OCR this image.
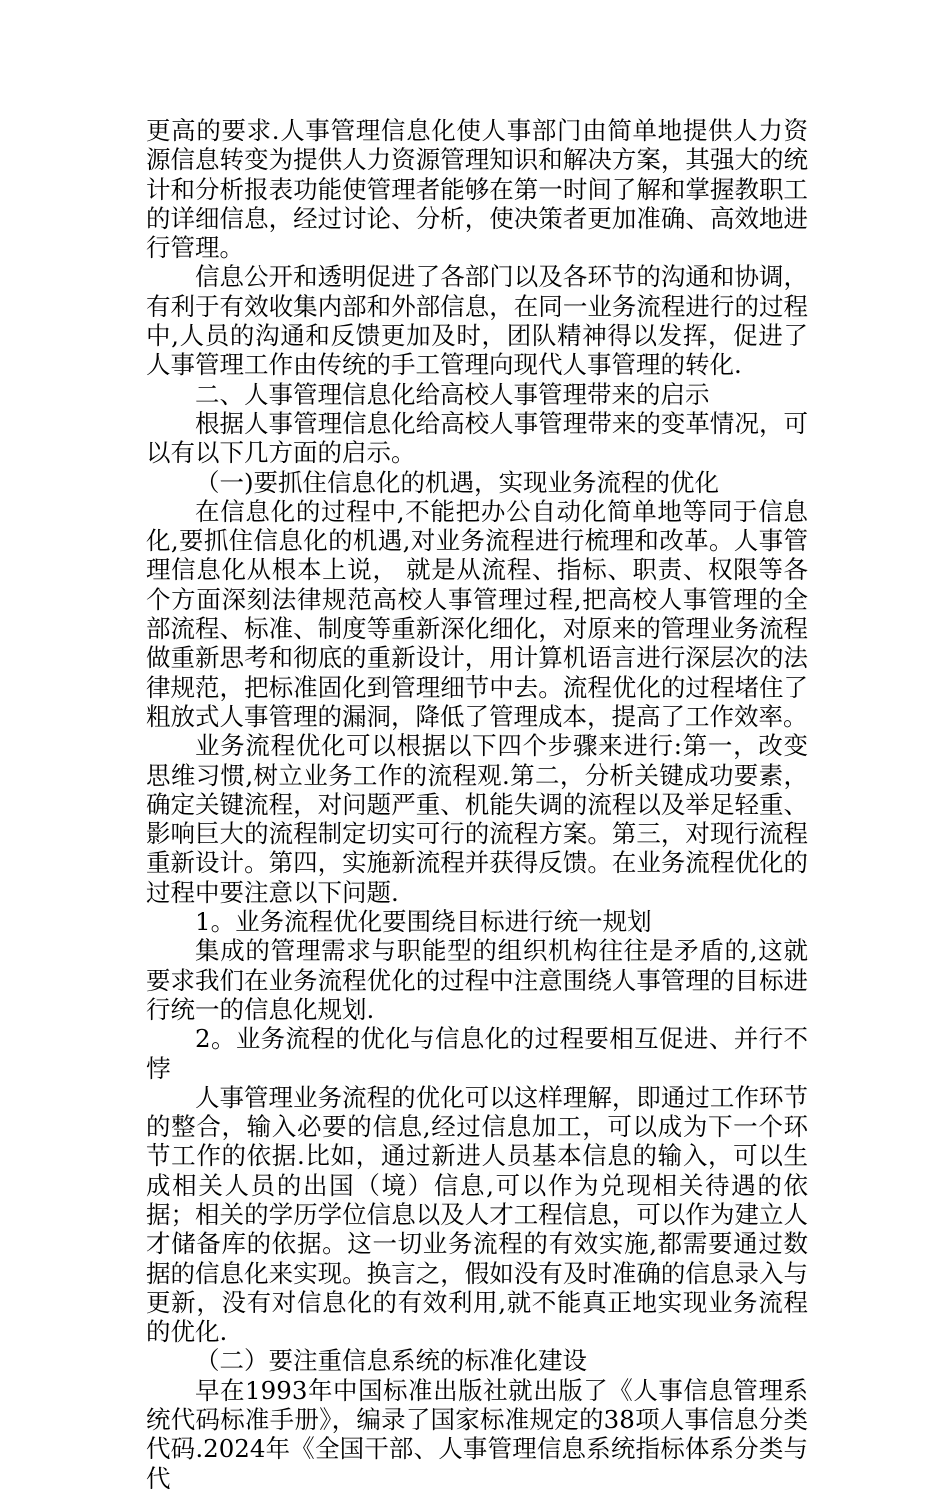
更高的要求.人事管理信息化使人事部门由简单地提供人力资源信息转变为提供人力资源管理知识和解决方案，其强大的统计和分析报表功能使管理者能够在第一时间了解和掌握教职工的详细信息，经过讨论、分析，使决策者更加准确、高效地进行管理。

信息公开和透明促进了各部门以及各环节的沟通和协调，有利于有效收集内部和外部信息，在同一业务流程进行的过程中,人员的沟通和反馈更加及时，团队精神得以发挥，促进了人事管理工作由传统的手工管理向现代人事管理的转化.

二、人事管理信息化给高校人事管理带来的启示

根据人事管理信息化给高校人事管理带来的变革情况，可以有以下几方面的启示。

（一)要抓住信息化的机遇，实现业务流程的优化

在信息化的过程中,不能把办公自动化简单地等同于信息化,要抓住信息化的机遇,对业务流程进行梳理和改革。人事管理信息化从根本上说， 就是从流程、指标、职责、权限等各个方面深刻法律规范高校人事管理过程,把高校人事管理的全部流程、标准、制度等重新深化细化，对原来的管理业务流程做重新思考和彻底的重新设计，用计算机语言进行深层次的法律规范，把标准固化到管理细节中去。流程优化的过程堵住了粗放式人事管理的漏洞，降低了管理成本，提高了工作效率。

业务流程优化可以根据以下四个步骤来进行:第一，改变思维习惯,树立业务工作的流程观.第二，分析关键成功要素，确定关键流程，对问题严重、机能失调的流程以及举足轻重、影响巨大的流程制定切实可行的流程方案。第三，对现行流程重新设计。第四，实施新流程并获得反馈。在业务流程优化的过程中要注意以下问题.

1。业务流程优化要围绕目标进行统一规划

集成的管理需求与职能型的组织机构往往是矛盾的,这就要求我们在业务流程优化的过程中注意围绕人事管理的目标进行统一的信息化规划.

2。业务流程的优化与信息化的过程要相互促进、并行不悖

人事管理业务流程的优化可以这样理解，即通过工作环节的整合，输入必要的信息,经过信息加工，可以成为下一个环节工作的依据.比如，通过新进人员基本信息的输入，可以生成相关人员的出国（境）信息,可以作为兑现相关待遇的依据；相关的学历学位信息以及人才工程信息，可以作为建立人才储备库的依据。这一切业务流程的有效实施,都需要通过数据的信息化来实现。换言之，假如没有及时准确的信息录入与更新，没有对信息化的有效利用,就不能真正地实现业务流程的优化.

（二）要注重信息系统的标准化建设

早在1993年中国标准出版社就出版了《人事信息管理系统代码标准手册》，编录了国家标准规定的38项人事信息分类代码.2024年《全国干部、人事管理信息系统指标体系分类与代
